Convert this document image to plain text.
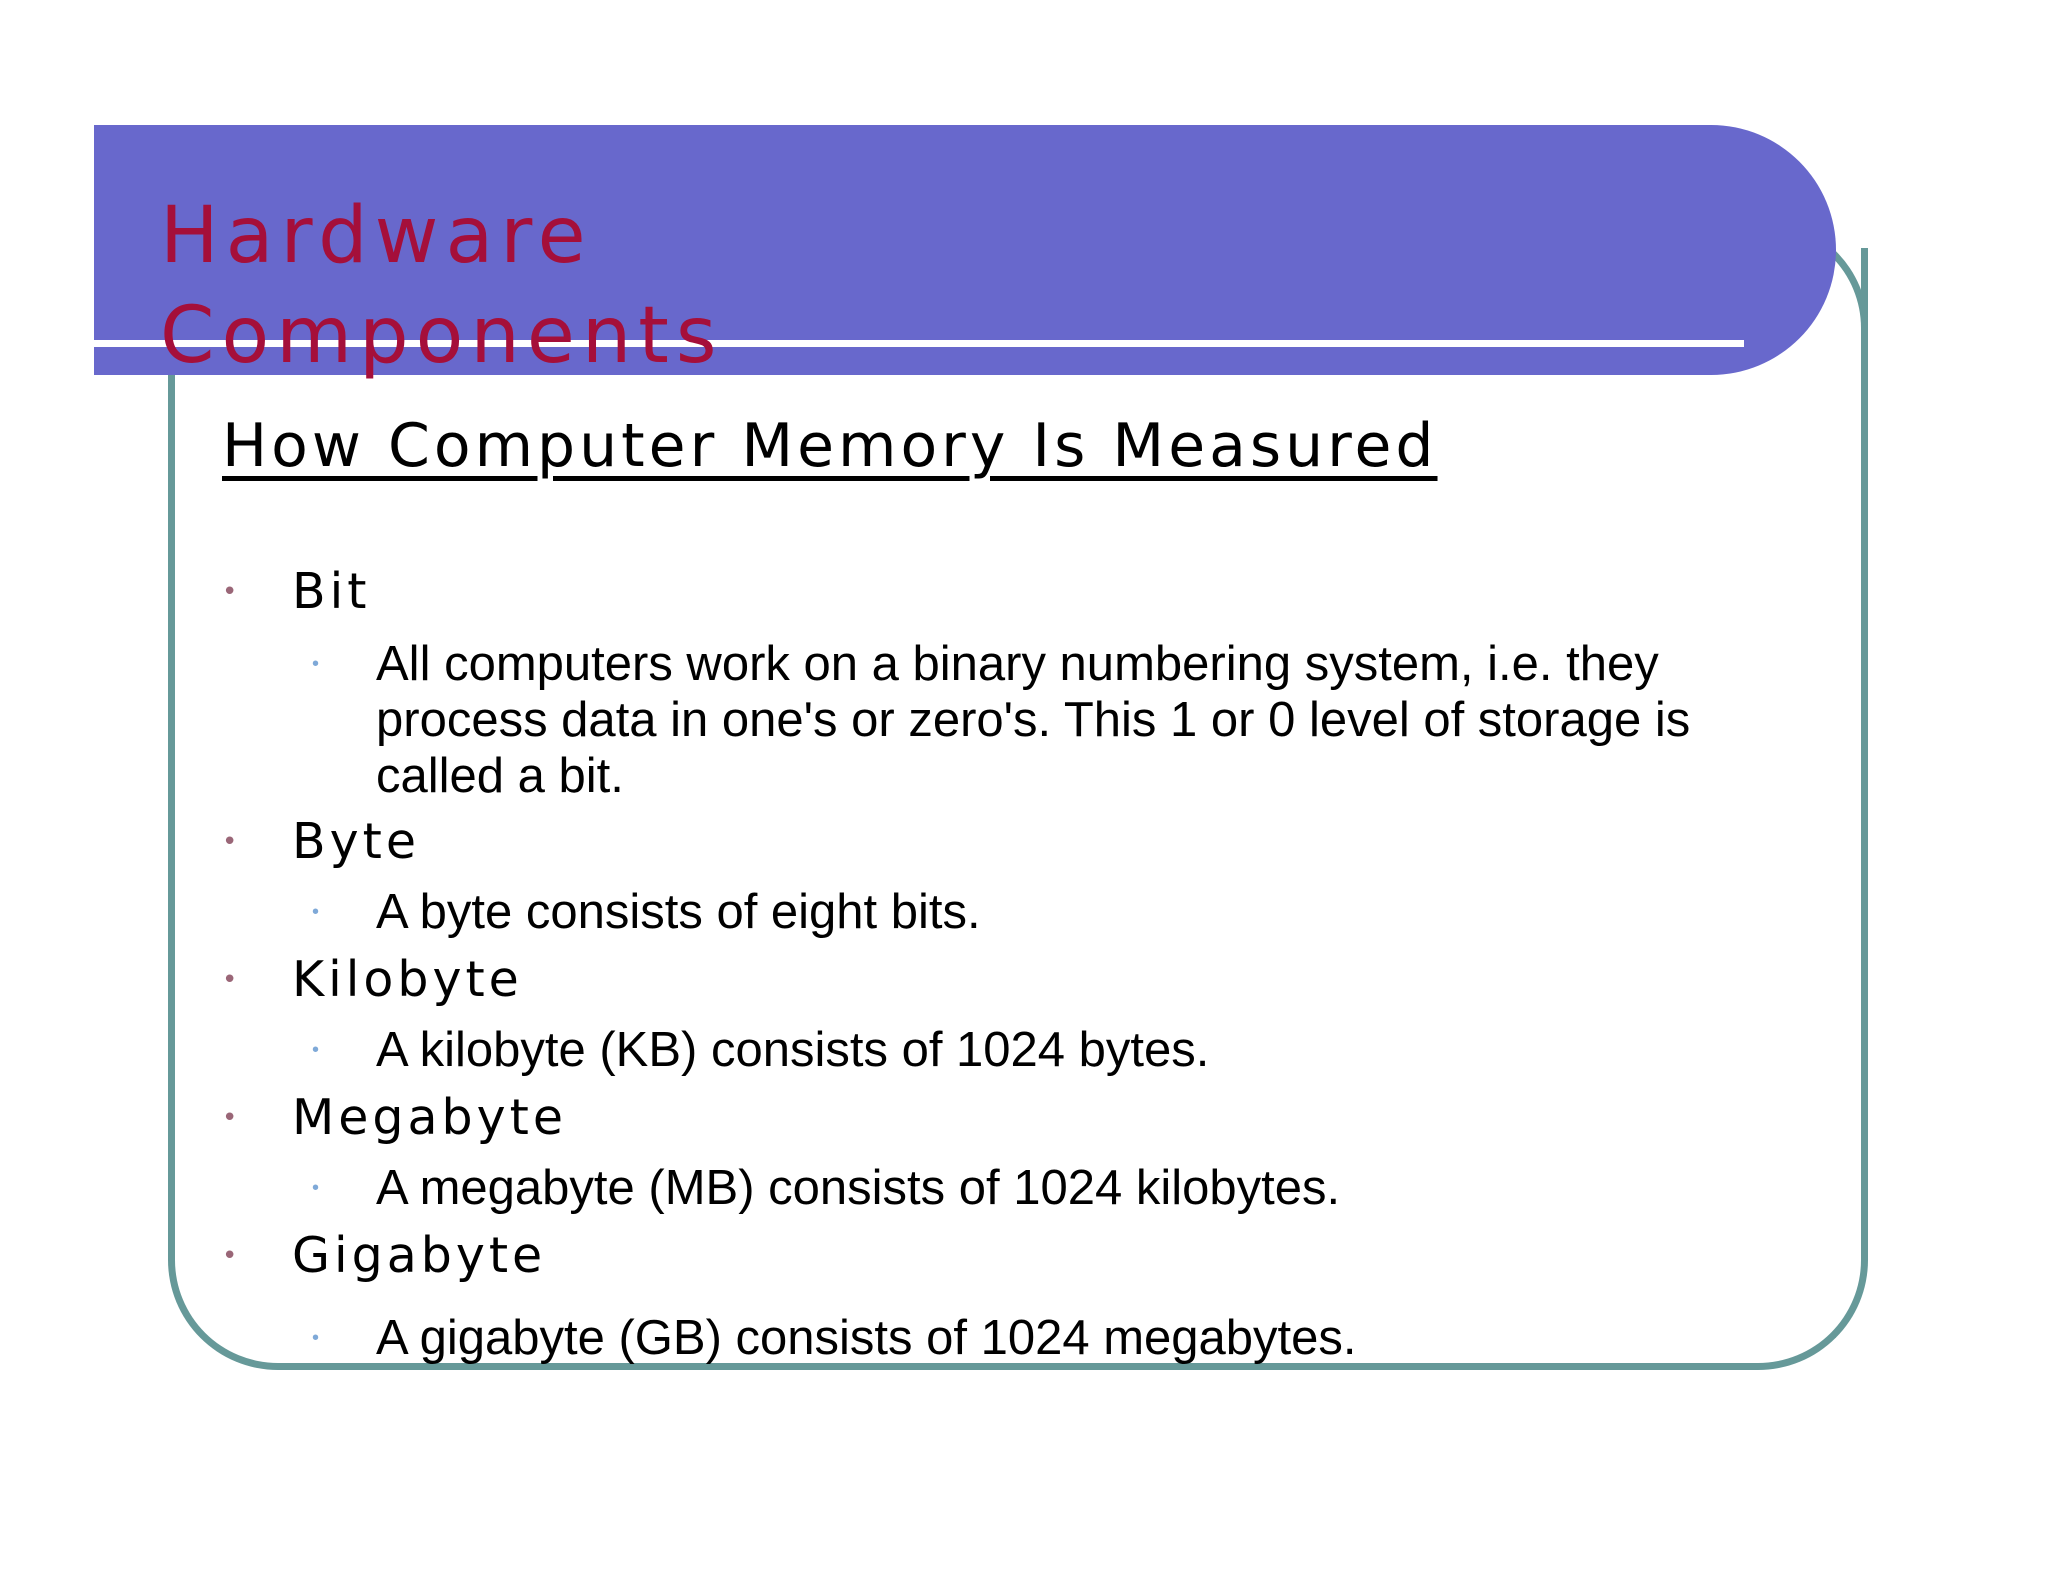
Hardware
Components
How Computer Memory Is Measured
• Bit
• All computers work on a binary numbering system, i.e. they process data in one's or zero's. This 1 or 0 level of storage is called a bit.
• Byte
• A byte consists of eight bits.
• Kilobyte
• A kilobyte (KB) consists of 1024 bytes.
• Megabyte
• A megabyte (MB) consists of 1024 kilobytes.
• Gigabyte
• A gigabyte (GB) consists of 1024 megabytes.
